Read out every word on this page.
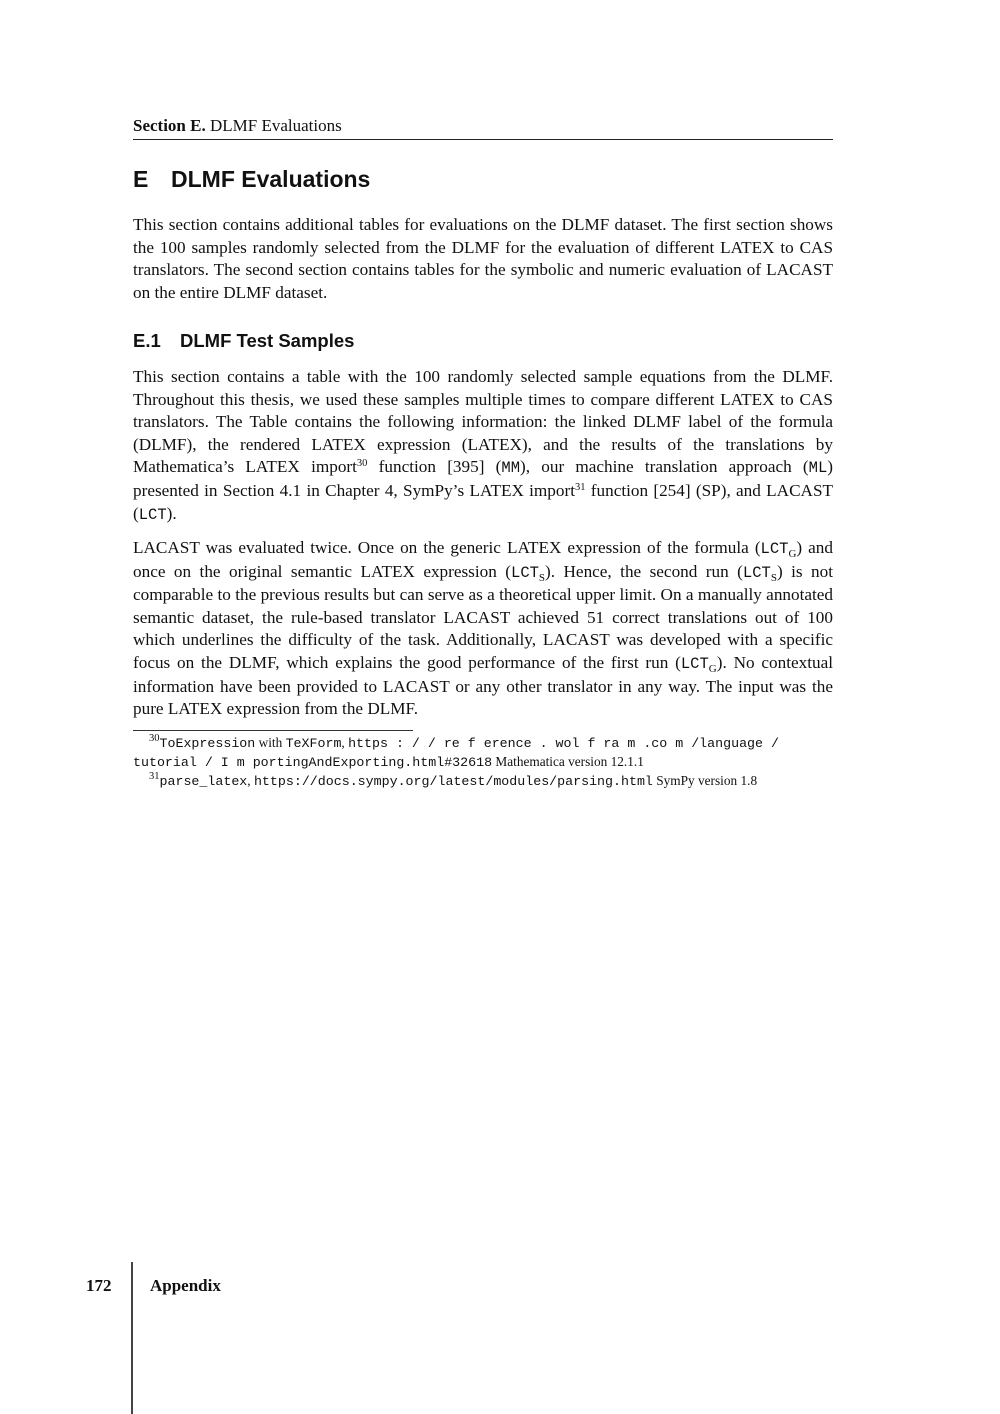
Section E. DLMF Evaluations
E DLMF Evaluations

This section contains additional tables for evaluations on the DLMF dataset. The first section shows the 100 samples randomly selected from the DLMF for the evaluation of different LATEX to CAS translators. The second section contains tables for the symbolic and numeric evaluation of LACAST on the entire DLMF dataset.

E.1 DLMF Test Samples

This section contains a table with the 100 randomly selected sample equations from the DLMF. Throughout this thesis, we used these samples multiple times to compare different LATEX to CAS translators. The Table contains the following information: the linked DLMF label of the formula (DLMF), the rendered LATEX expression (LATEX), and the results of the translations by Mathematica’s LATEX import$^{30}$ function [395] (MM), our machine translation approach (ML) presented in Section 4.1 in Chapter 4, SymPy’s LATEX import$^{31}$ function [254] (SP), and LACAST (LCT).

LACAST was evaluated twice. Once on the generic LATEX expression of the formula $(LCT_G)$ and once on the original semantic LATEX expression $(LCT_S)$. Hence, the second run $(LCT_S)$ is not comparable to the previous results but can serve as a theoretical upper limit. On a manually annotated semantic dataset, the rule-based translator LACAST achieved 51 correct translations out of 100 which underlines the difficulty of the task. Additionally, LACAST was developed with a specific focus on the DLMF, which explains the good performance of the first run $(LCT_G)$. No contextual information have been provided to LACAST or any other translator in any way. The input was the pure LATEX expression from the DLMF.

$^{30}$ToExpression with TeXForm, https : / / re f erence . wol f ra m .co m /language / tutorial / I m portingAndExporting.html#32618 Mathematica version 12.1.1

$^{31}$parse_latex, https://docs.sympy.org/latest/modules/parsing.html SymPy version 1.8

172 Appendix
